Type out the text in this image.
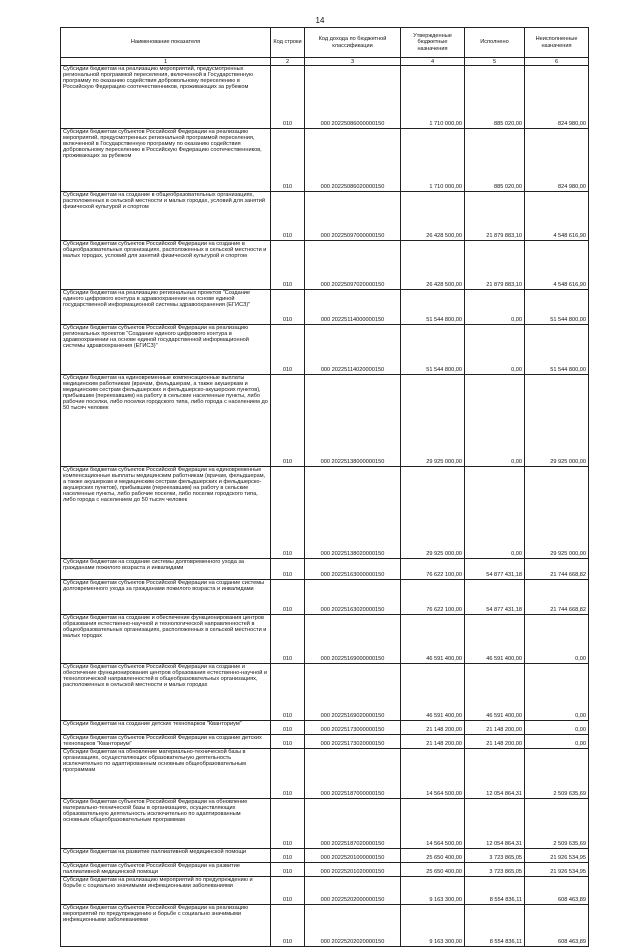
14
Наименование показателя	Код строки	Код дохода по бюджетной классификации	Утвержденные бюджетные назначения	Исполнено	Неисполненные назначения
1	2	3	4	5	6
Субсидии бюджетам на реализацию мероприятий, предусмотренных региональной программой переселения, включенной в Государственную программу по оказанию содействия добровольному переселению в Российскую Федерацию соотечественников, проживающих за рубежом	010	000 20225086000000150	1 710 000,00	885 020,00	824 980,00
Субсидии бюджетам субъектов Российской Федерации на реализацию мероприятий, предусмотренных региональной программой переселения, включенной в Государственную программу по оказанию содействия добровольному переселению в Российскую Федерацию соотечественников, проживающих за рубежом	010	000 20225086020000150	1 710 000,00	885 020,00	824 980,00
Субсидии бюджетам на создание в общеобразовательных организациях, расположенных в сельской местности и малых городах, условий для занятий физической культурой и спортом	010	000 20225097000000150	26 428 500,00	21 879 883,10	4 548 616,90
Субсидии бюджетам субъектов Российской Федерации на создание в общеобразовательных организациях, расположенных в сельской местности и малых городах, условий для занятий физической культурой и спортом	010	000 20225097020000150	26 428 500,00	21 879 883,10	4 548 616,90
Субсидии бюджетам на реализацию региональных проектов "Создание единого цифрового контура в здравоохранении на основе единой государственной информационной системы здравоохранения (ЕГИСЗ)"	010	000 20225114000000150	51 544 800,00	0,00	51 544 800,00
Субсидии бюджетам субъектов Российской Федерации на реализацию региональных проектов "Создание единого цифрового контура в здравоохранении на основе единой государственной информационной системы здравоохранения (ЕГИСЗ)"	010	000 20225114020000150	51 544 800,00	0,00	51 544 800,00
Субсидии бюджетам на единовременные компенсационные выплаты медицинским работникам (врачам, фельдшерам, а также акушеркам и медицинским сестрам фельдшерских и фельдшерско-акушерских пунктов), прибывшим (переехавшим) на работу в сельские населенные пункты, либо рабочие поселки, либо поселки городского типа, либо города с населением до 50 тысяч человек	010	000 20225138000000150	29 925 000,00	0,00	29 925 000,00
Субсидии бюджетам субъектов Российской Федерации на единовременные компенсационные выплаты медицинским работникам (врачам, фельдшерам, а также акушеркам и медицинским сестрам фельдшерских и фельдшерско-акушерских пунктов), прибывшим (переехавшим) на работу в сельские населенные пункты, либо рабочие поселки, либо поселки городского типа, либо города с населением до 50 тысяч человек	010	000 20225138020000150	29 925 000,00	0,00	29 925 000,00
Субсидии бюджетам на создание системы долговременного ухода за гражданами пожилого возраста и инвалидами	010	000 20225163000000150	76 622 100,00	54 877 431,18	21 744 668,82
Субсидии бюджетам субъектов Российской Федерации на создание системы долговременного ухода за гражданами пожилого возраста и инвалидами	010	000 20225163020000150	76 622 100,00	54 877 431,18	21 744 668,82
Субсидии бюджетам на создание и обеспечение функционирования центров образования естественно-научной и технологической направленностей в общеобразовательных организациях, расположенных в сельской местности и малых городах	010	000 20225169000000150	46 591 400,00	46 591 400,00	0,00
Субсидии бюджетам субъектов Российской Федерации на создание и обеспечение функционирования центров образования естественно-научной и технологической направленностей в общеобразовательных организациях, расположенных в сельской местности и малых городах	010	000 20225169020000150	46 591 400,00	46 591 400,00	0,00
Субсидии бюджетам на создание детских технопарков "Кванториум"	010	000 20225173000000150	21 148 200,00	21 148 200,00	0,00
Субсидии бюджетам субъектов Российской Федерации на создание детских технопарков "Кванториум"	010	000 20225173020000150	21 148 200,00	21 148 200,00	0,00
Субсидии бюджетам на обновление материально-технической базы в организациях, осуществляющих образовательную деятельность исключительно по адаптированным основным общеобразовательным программам	010	000 20225187000000150	14 564 500,00	12 054 864,31	2 509 635,69
Субсидии бюджетам субъектов Российской Федерации на обновление материально-технической базы в организациях, осуществляющих образовательную деятельность исключительно по адаптированным основным общеобразовательным программам	010	000 20225187020000150	14 564 500,00	12 054 864,31	2 509 635,69
Субсидии бюджетам на развитие паллиативной медицинской помощи	010	000 20225201000000150	25 650 400,00	3 723 865,05	21 926 534,95
Субсидии бюджетам субъектов Российской Федерации на развитие паллиативной медицинской помощи	010	000 20225201020000150	25 650 400,00	3 723 865,05	21 926 534,95
Субсидии бюджетам на реализацию мероприятий по предупреждению и борьбе с социально значимыми инфекционными заболеваниями	010	000 20225202000000150	9 163 300,00	8 554 836,11	608 463,89
Субсидии бюджетам субъектов Российской Федерации на реализацию мероприятий по предупреждению и борьбе с социально значимыми инфекционными заболеваниями	010	000 20225202020000150	9 163 300,00	8 554 836,11	608 463,89
